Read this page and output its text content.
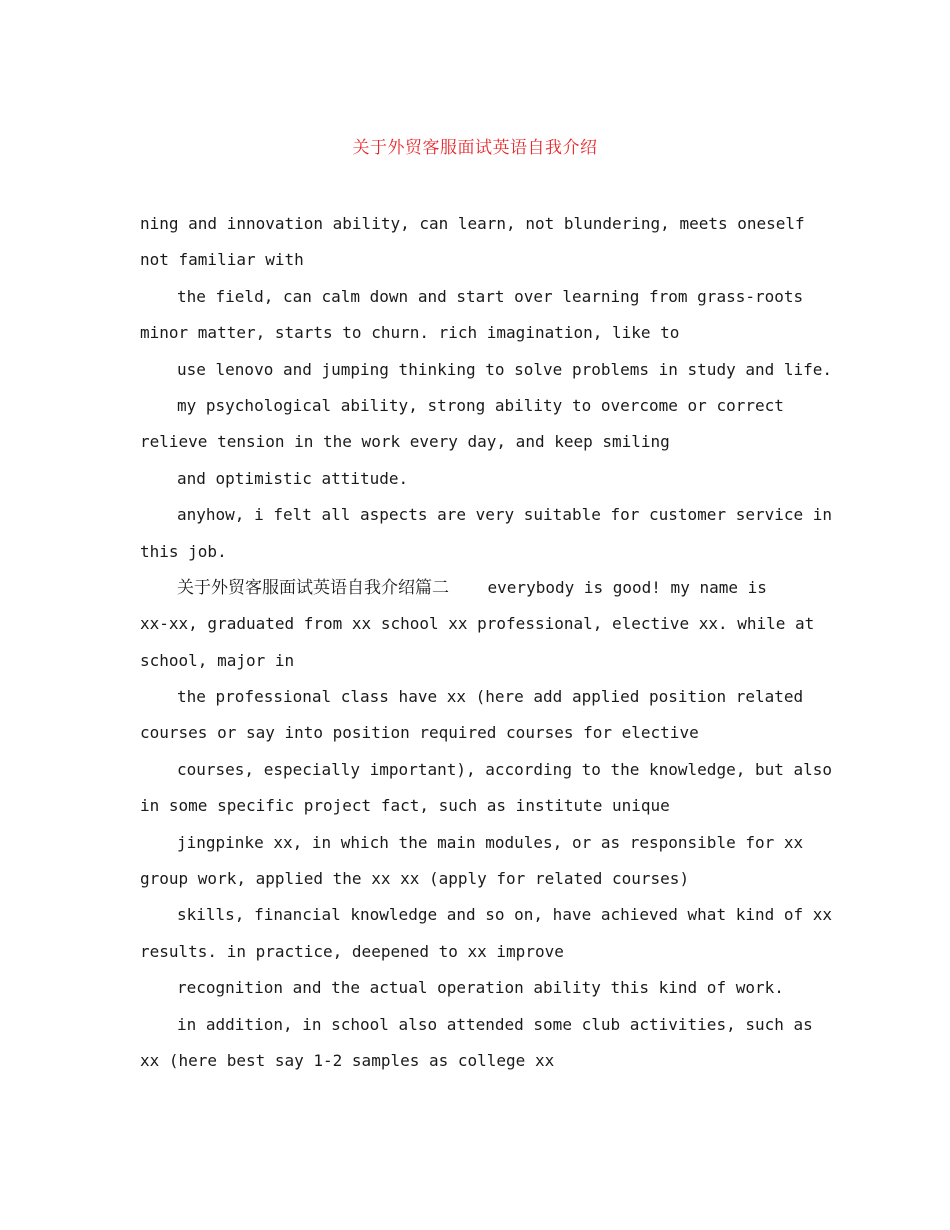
关于外贸客服面试英语自我介绍
ning and innovation ability, can learn, not blundering, meets oneself
not familiar with
the field, can calm down and start over learning from grass-roots
minor matter, starts to churn. rich imagination, like to
use lenovo and jumping thinking to solve problems in study and life.
my psychological ability, strong ability to overcome or correct
relieve tension in the work every day, and keep smiling
and optimistic attitude.
anyhow, i felt all aspects are very suitable for customer service in
this job.
关于外贸客服面试英语自我介绍篇二    everybody is good! my name is
xx-xx, graduated from xx school xx professional, elective xx. while at
school, major in
the professional class have xx (here add applied position related
courses or say into position required courses for elective
courses, especially important), according to the knowledge, but also
in some specific project fact, such as institute unique
jingpinke xx, in which the main modules, or as responsible for xx
group work, applied the xx xx (apply for related courses)
skills, financial knowledge and so on, have achieved what kind of xx
results. in practice, deepened to xx improve
recognition and the actual operation ability this kind of work.
in addition, in school also attended some club activities, such as
xx (here best say 1-2 samples as college xx
